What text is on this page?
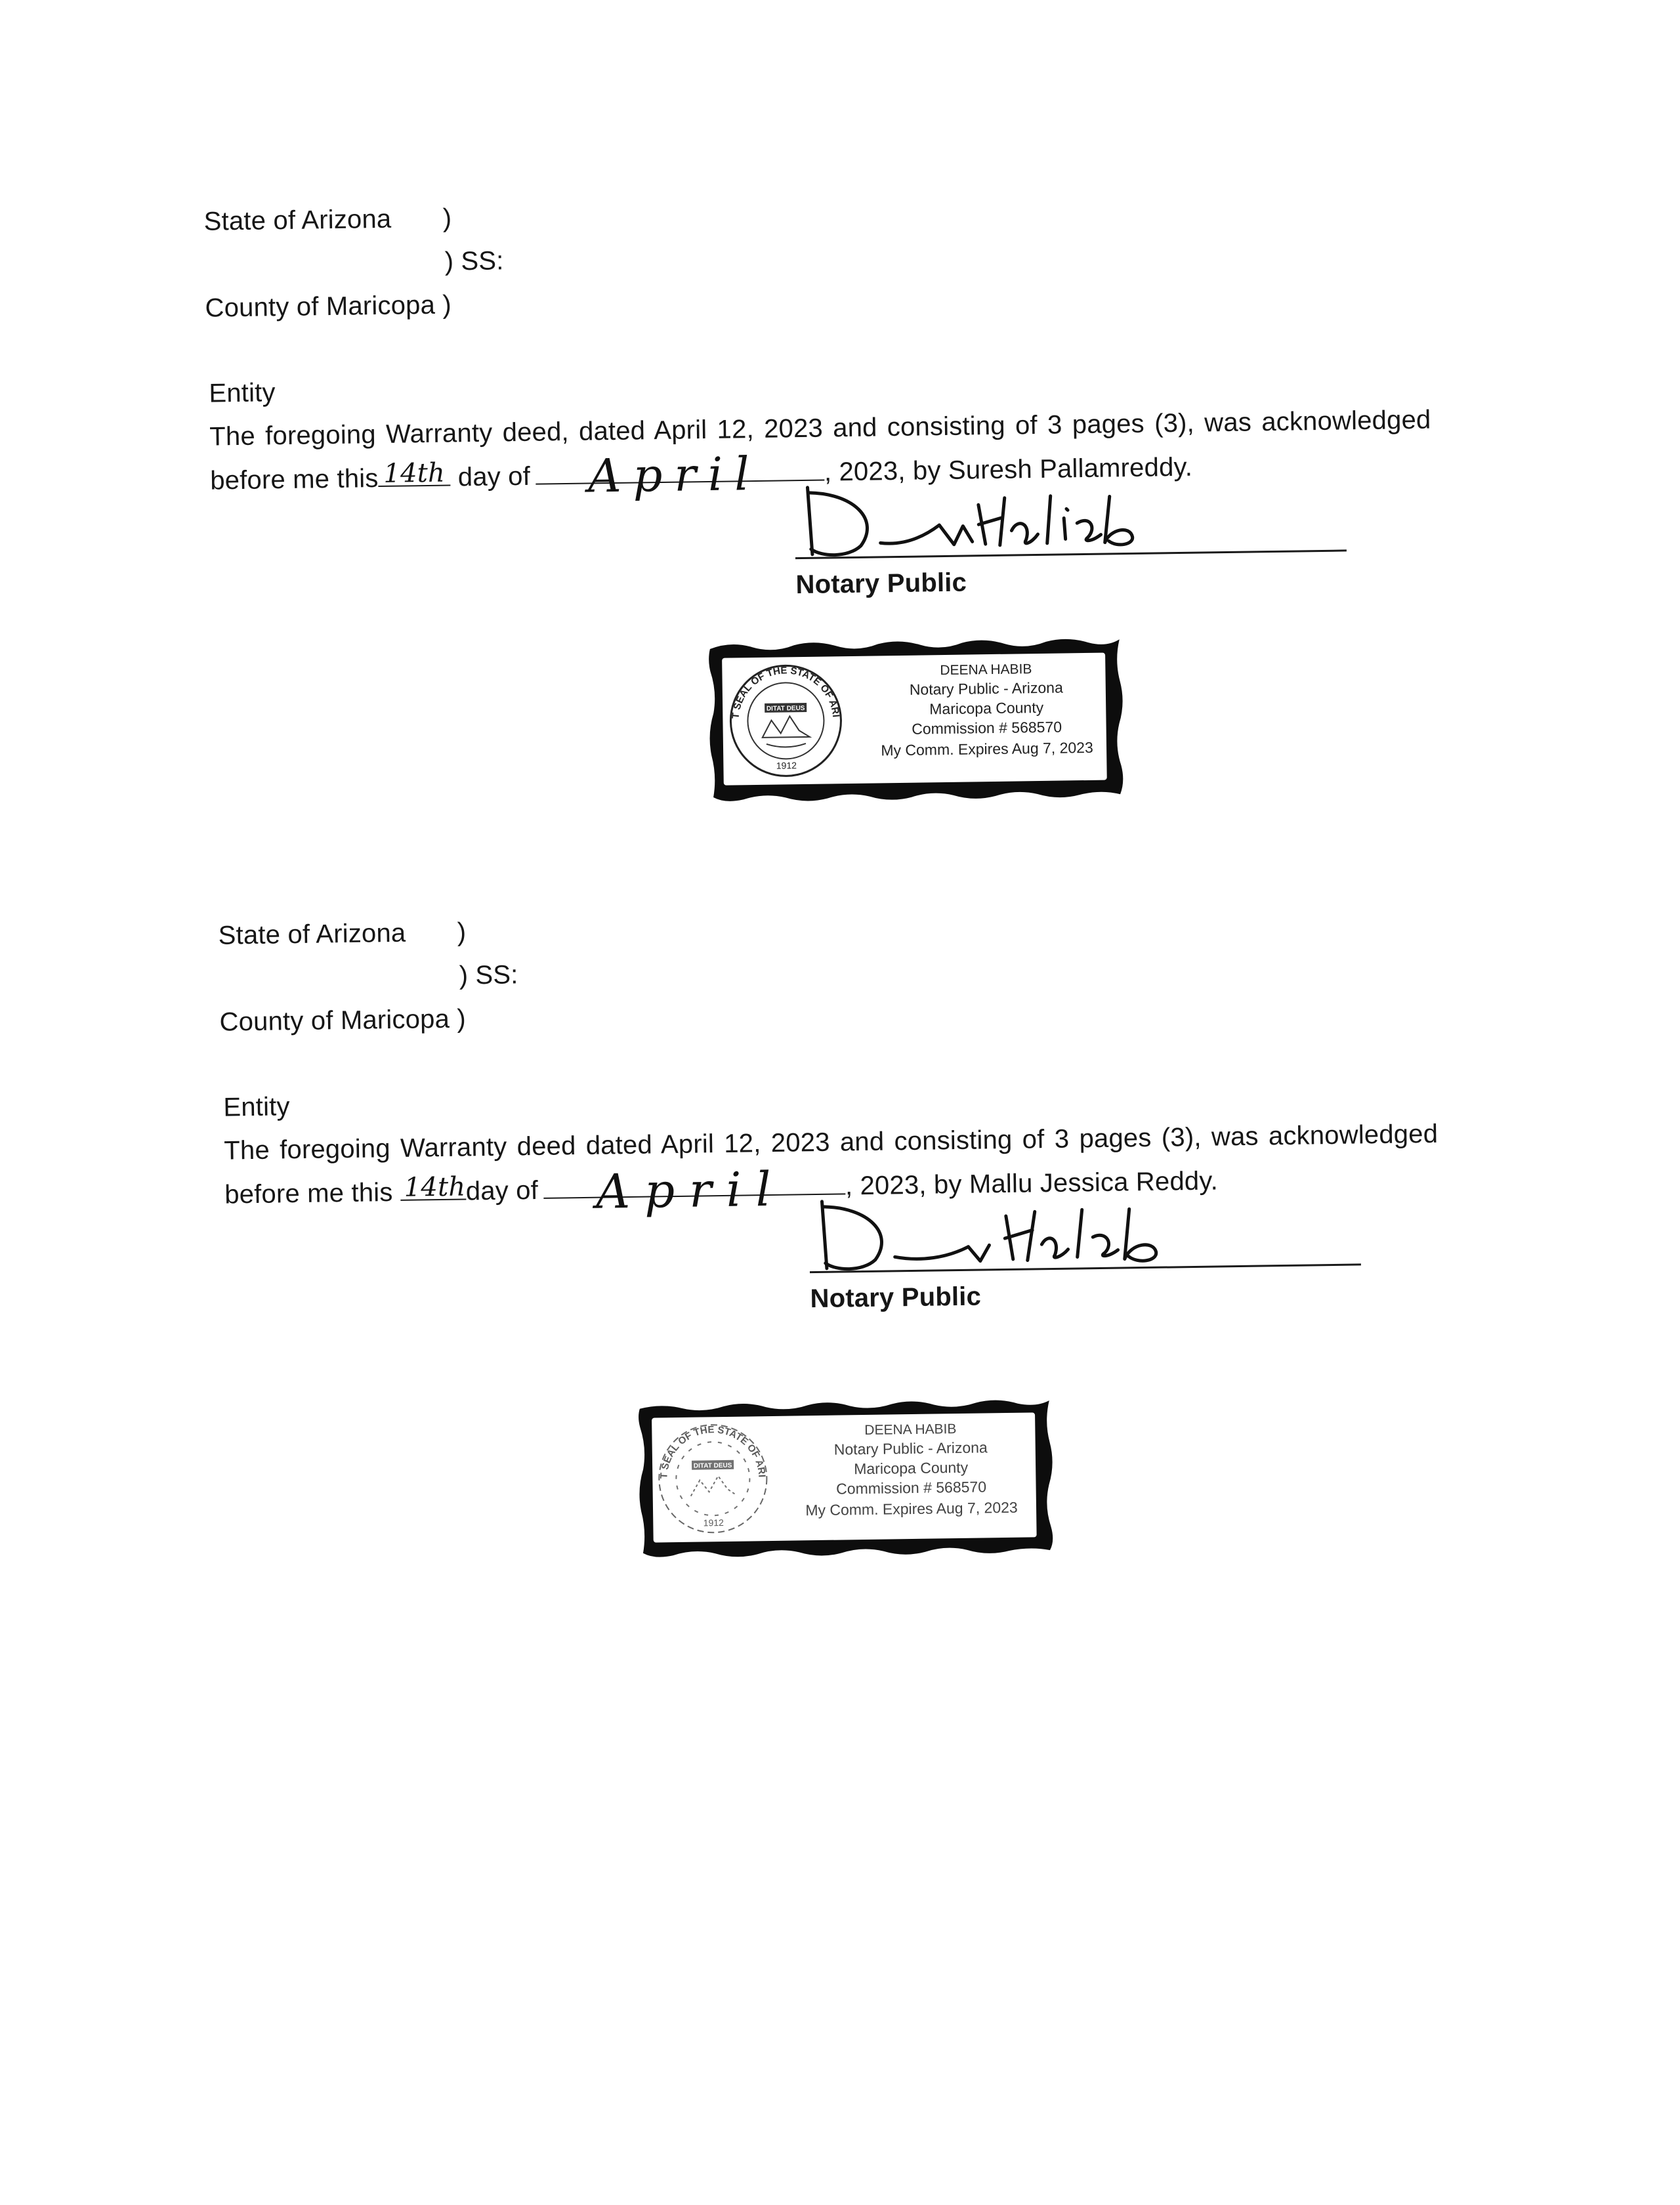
State of Arizona )
) SS:
County of Maricopa )
Entity
The foregoing Warranty deed, dated April 12, 2023 and consisting of 3 pages (3), was acknowledged
before me this 14th day of April , 2023, by Suresh Pallamreddy.
Notary Public
GREAT SEAL OF THE STATE OF ARIZONA
DITAT DEUS
1912
DEENA HABIB
Notary Public - Arizona
Maricopa County
Commission # 568570
My Comm. Expires Aug 7, 2023
State of Arizona )
) SS:
County of Maricopa )
Entity
The foregoing Warranty deed dated April 12, 2023 and consisting of 3 pages (3), was acknowledged
before me this 14th day of April , 2023, by Mallu Jessica Reddy.
Notary Public
GREAT SEAL OF THE STATE OF ARIZONA
DITAT DEUS
1912
DEENA HABIB
Notary Public - Arizona
Maricopa County
Commission # 568570
My Comm. Expires Aug 7, 2023
